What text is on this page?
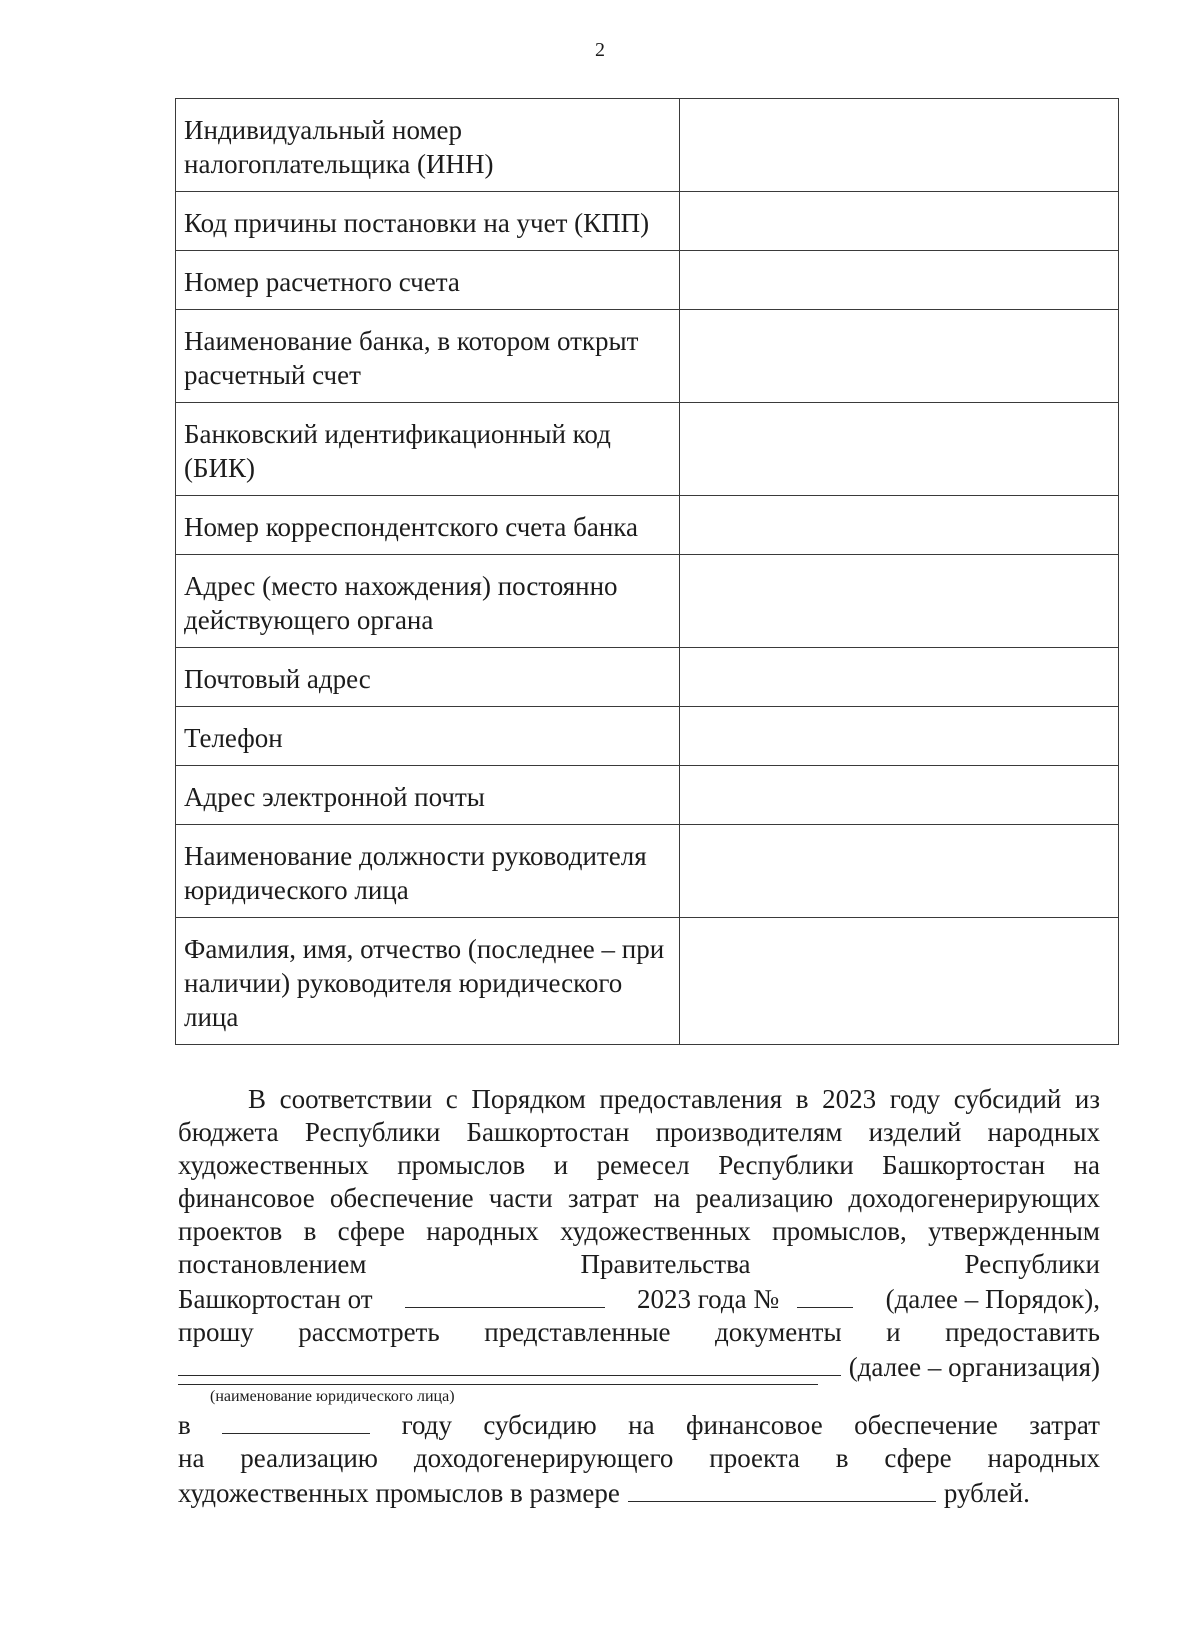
2
Индивидуальный номер налогоплательщика (ИНН)	
Код причины постановки на учет (КПП)	
Номер расчетного счета	
Наименование банка, в котором открыт расчетный счет	
Банковский идентификационный код (БИК)	
Номер корреспондентского счета банка	
Адрес (место нахождения) постоянно действующего органа	
Почтовый адрес	
Телефон	
Адрес электронной почты	
Наименование должности руководителя юридического лица	
Фамилия, имя, отчество (последнее – при наличии) руководителя юридического лица	

В соответствии с Порядком предоставления в 2023 году субсидий из бюджета Республики Башкортостан производителям изделий народных художественных промыслов и ремесел Республики Башкортостан на финансовое обеспечение части затрат на реализацию доходогенерирующих проектов в сфере народных художественных промыслов, утвержденным постановлением Правительства Республики

Башкортостан от	2023 года №	(далее – Порядок),
прошу рассмотреть представленные документы и предоставить
(далее – организация)
(наименование юридического лица)
в	году субсидию на финансовое обеспечение затрат

на реализацию доходогенерирующего проекта в сфере народных

художественных промыслов в размере	рублей.
